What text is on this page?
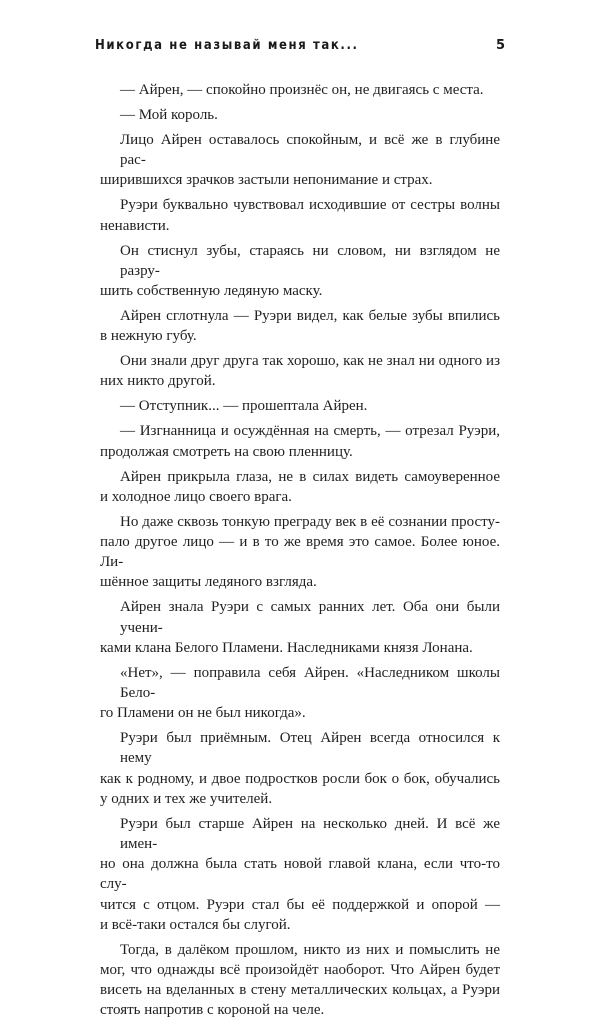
Никогда не называй меня так...	5

— Айрен, — спокойно произнёс он, не двигаясь с места.

— Мой король.

Лицо Айрен оставалось спокойным, и всё же в глубине рас-
ширившихся зрачков застыли непонимание и страх.

Руэри буквально чувствовал исходившие от сестры волны
ненависти.

Он стиснул зубы, стараясь ни словом, ни взглядом не разру-
шить собственную ледяную маску.

Айрен сглотнула — Руэри видел, как белые зубы впились
в нежную губу.

Они знали друг друга так хорошо, как не знал ни одного из
них никто другой.

— Отступник... — прошептала Айрен.

— Изгнанница и осуждённая на смерть, — отрезал Руэри,
продолжая смотреть на свою пленницу.

Айрен прикрыла глаза, не в силах видеть самоуверенное
и холодное лицо своего врага.

Но даже сквозь тонкую преграду век в её сознании просту-
пало другое лицо — и в то же время это самое. Более юное. Ли-
шённое защиты ледяного взгляда.

Айрен знала Руэри с самых ранних лет. Оба они были учени-
ками клана Белого Пламени. Наследниками князя Лонана.

«Нет», — поправила себя Айрен. «Наследником школы Бело-
го Пламени он не был никогда».

Руэри был приёмным. Отец Айрен всегда относился к нему
как к родному, и двое подростков росли бок о бок, обучались
у одних и тех же учителей.

Руэри был старше Айрен на несколько дней. И всё же имен-
но она должна была стать новой главой клана, если что-то слу-
чится с отцом. Руэри стал бы её поддержкой и опорой —
и всё-таки остался бы слугой.

Тогда, в далёком прошлом, никто из них и помыслить не
мог, что однажды всё произойдёт наоборот. Что Айрен будет
висеть на вделанных в стену металлических кольцах, а Руэри
стоять напротив с короной на челе.
